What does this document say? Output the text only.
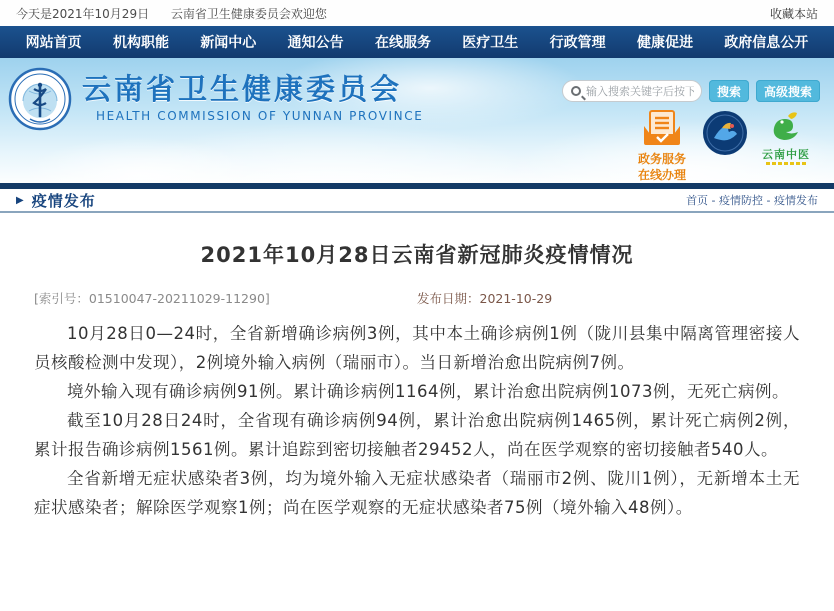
今天是2021年10月29日 云南省卫生健康委员会欢迎您	收藏本站
网站首页 机构职能 新闻中心 通知公告 在线服务 医疗卫生 行政管理 健康促进 政府信息公开
云南省卫生健康委员会
HEALTH COMMISSION OF YUNNAN PROVINCE
输入搜索关键字后按下回车
搜索	高级搜索
政务服务
在线办理
云南中医
▶ 疫情发布	首页 - 疫情防控 - 疫情发布
2021年10月28日云南省新冠肺炎疫情情况
[索引号：01510047-20211029-11290]	发布日期：2021-10-29

10月28日0—24时，全省新增确诊病例3例，其中本土确诊病例1例（陇川县集中隔离管理密接人员核酸检测中发现），2例境外输入病例（瑞丽市）。当日新增治愈出院病例7例。

境外输入现有确诊病例91例。累计确诊病例1164例，累计治愈出院病例1073例，无死亡病例。

截至10月28日24时，全省现有确诊病例94例，累计治愈出院病例1465例，累计死亡病例2例，累计报告确诊病例1561例。累计追踪到密切接触者29452人，尚在医学观察的密切接触者540人。

全省新增无症状感染者3例，均为境外输入无症状感染者（瑞丽市2例、陇川1例），无新增本土无症状感染者；解除医学观察1例；尚在医学观察的无症状感染者75例（境外输入48例）。
